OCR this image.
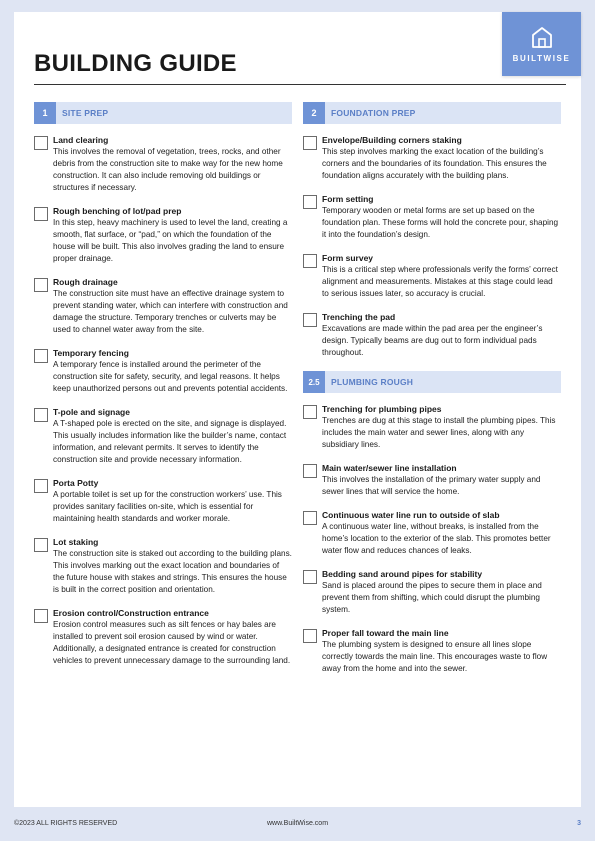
BUILTWISE
BUILDING GUIDE
1	SITE PREP
Land clearing
This involves the removal of vegetation, trees, rocks, and other debris from the construction site to make way for the new home construction. It can also include removing old buildings or structures if necessary.
Rough benching of lot/pad prep
In this step, heavy machinery is used to level the land, creating a smooth, flat surface, or “pad,” on which the foundation of the house will be built. This also involves grading the land to ensure proper drainage.
Rough drainage
The construction site must have an effective drainage system to prevent standing water, which can interfere with construction and damage the structure. Temporary trenches or culverts may be used to channel water away from the site.
Temporary fencing
A temporary fence is installed around the perimeter of the construction site for safety, security, and legal reasons. It helps keep unauthorized persons out and prevents potential accidents.
T-pole and signage
A T-shaped pole is erected on the site, and signage is displayed. This usually includes information like the builder’s name, contact information, and relevant permits. It serves to identify the construction site and provide necessary information.
Porta Potty
A portable toilet is set up for the construction workers’ use. This provides sanitary facilities on-site, which is essential for maintaining health standards and worker morale.
Lot staking
The construction site is staked out according to the building plans. This involves marking out the exact location and boundaries of the future house with stakes and strings. This ensures the house is built in the correct position and orientation.
Erosion control/Construction entrance
Erosion control measures such as silt fences or hay bales are installed to prevent soil erosion caused by wind or water. Additionally, a designated entrance is created for construction vehicles to prevent unnecessary damage to the surrounding land.
2	FOUNDATION PREP
Envelope/Building corners staking
This step involves marking the exact location of the building’s corners and the boundaries of its foundation. This ensures the foundation aligns accurately with the building plans.
Form setting
Temporary wooden or metal forms are set up based on the foundation plan. These forms will hold the concrete pour, shaping it into the foundation’s design.
Form survey
This is a critical step where professionals verify the forms’ correct alignment and measurements. Mistakes at this stage could lead to serious issues later, so accuracy is crucial.
Trenching the pad
Excavations are made within the pad area per the engineer’s design. Typically beams are dug out to form individual pads throughout.
2.5	PLUMBING ROUGH
Trenching for plumbing pipes
Trenches are dug at this stage to install the plumbing pipes. This includes the main water and sewer lines, along with any subsidiary lines.
Main water/sewer line installation
This involves the installation of the primary water supply and sewer lines that will service the home.
Continuous water line run to outside of slab
A continuous water line, without breaks, is installed from the home’s location to the exterior of the slab. This promotes better water flow and reduces chances of leaks.
Bedding sand around pipes for stability
Sand is placed around the pipes to secure them in place and prevent them from shifting, which could disrupt the plumbing system.
Proper fall toward the main line
The plumbing system is designed to ensure all lines slope correctly towards the main line. This encourages waste to flow away from the home and into the sewer.
©2023 ALL RIGHTS RESERVED	www.BuiltWise.com	3
